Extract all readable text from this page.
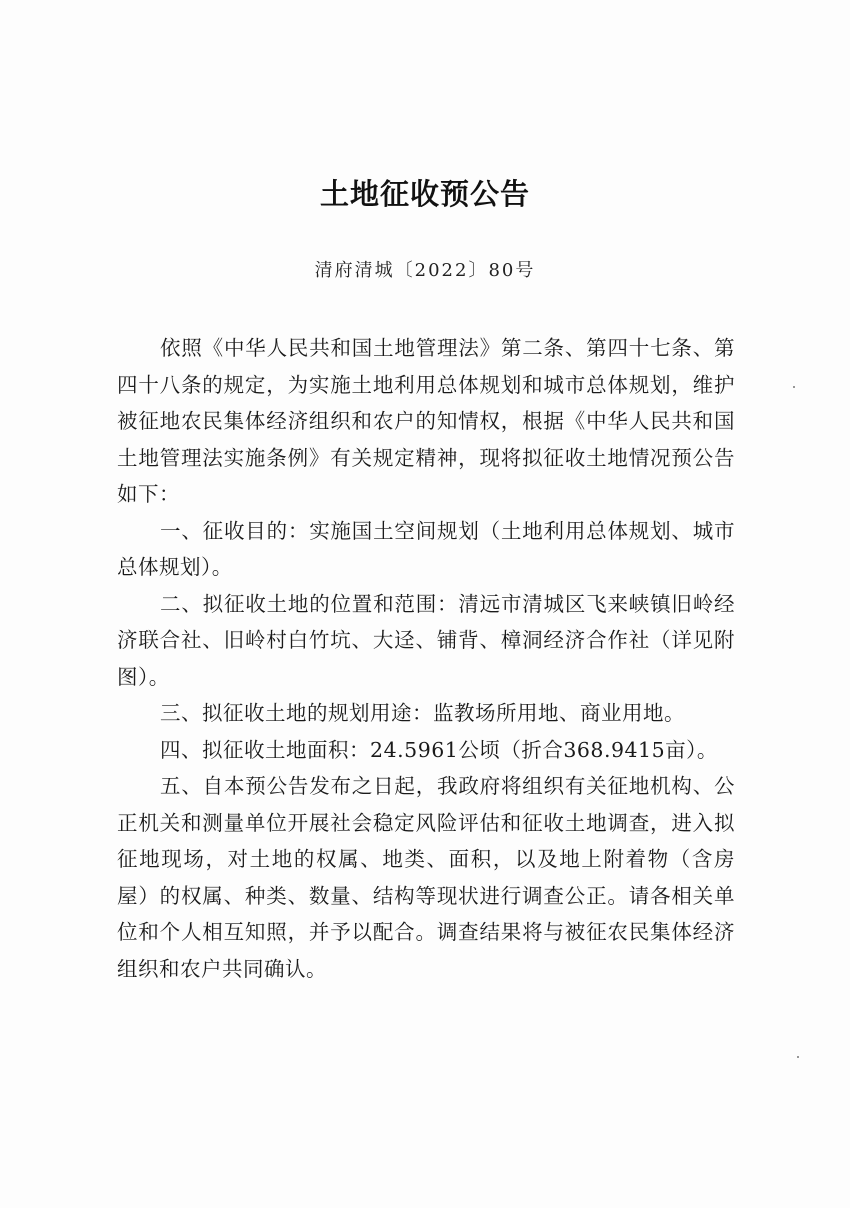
土地征收预公告
清府清城〔2022〕80号

依照《中华人民共和国土地管理法》第二条、第四十七条、第四十八条的规定，为实施土地利用总体规划和城市总体规划，维护被征地农民集体经济组织和农户的知情权，根据《中华人民共和国土地管理法实施条例》有关规定精神，现将拟征收土地情况预公告如下：

一、征收目的：实施国土空间规划（土地利用总体规划、城市总体规划）。

二、拟征收土地的位置和范围：清远市清城区飞来峡镇旧岭经济联合社、旧岭村白竹坑、大迳、铺背、樟洞经济合作社（详见附图）。

三、拟征收土地的规划用途：监教场所用地、商业用地。

四、拟征收土地面积：24.5961公顷（折合368.9415亩）。

五、自本预公告发布之日起，我政府将组织有关征地机构、公正机关和测量单位开展社会稳定风险评估和征收土地调查，进入拟征地现场，对土地的权属、地类、面积，以及地上附着物（含房屋）的权属、种类、数量、结构等现状进行调查公正。请各相关单位和个人相互知照，并予以配合。调查结果将与被征农民集体经济组织和农户共同确认。
